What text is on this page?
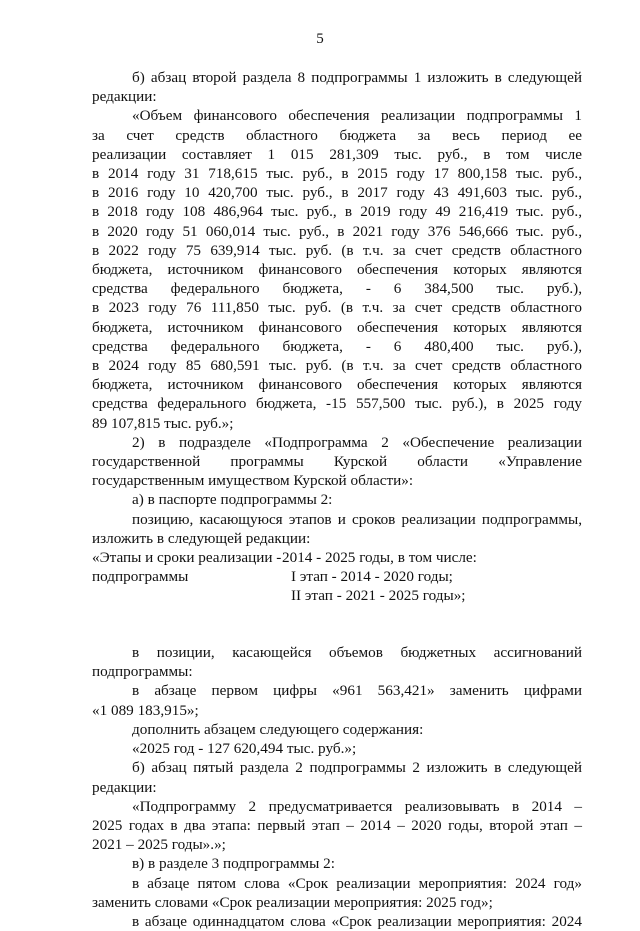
5
б) абзац второй раздела 8 подпрограммы 1 изложить в следующей
редакции:
«Объем финансового обеспечения реализации подпрограммы 1
за счет средств областного бюджета за весь период ее
реализации составляет 1 015 281,309 тыс. руб., в том числе
в 2014 году 31 718,615 тыс. руб., в 2015 году 17 800,158 тыс. руб.,
в 2016 году 10 420,700 тыс. руб., в 2017 году 43 491,603 тыс. руб.,
в 2018 году 108 486,964 тыс. руб., в 2019 году 49 216,419 тыс. руб.,
в 2020 году 51 060,014 тыс. руб., в 2021 году 376 546,666 тыс. руб.,
в 2022 году 75 639,914 тыс. руб. (в т.ч. за счет средств областного
бюджета, источником финансового обеспечения которых являются
средства федерального бюджета, - 6 384,500 тыс. руб.),
в 2023 году 76 111,850 тыс. руб. (в т.ч. за счет средств областного
бюджета, источником финансового обеспечения которых являются
средства федерального бюджета, - 6 480,400 тыс. руб.),
в 2024 году 85 680,591 тыс. руб. (в т.ч. за счет средств областного
бюджета, источником финансового обеспечения которых являются
средства федерального бюджета, -15 557,500 тыс. руб.), в 2025 году
89 107,815 тыс. руб.»;
2) в подразделе «Подпрограмма 2 «Обеспечение реализации
государственной программы Курской области «Управление
государственным имуществом Курской области»:
а) в паспорте подпрограммы 2:
позицию, касающуюся этапов и сроков реализации подпрограммы,
изложить в следующей редакции:
«Этапы и сроки реализации -
подпрограммы
2014 - 2025 годы, в том числе:
I этап - 2014 - 2020 годы;
II этап - 2021 - 2025 годы»;
в позиции, касающейся объемов бюджетных ассигнований
подпрограммы:
в абзаце первом цифры «961 563,421» заменить цифрами
«1 089 183,915»;
дополнить абзацем следующего содержания:
«2025 год - 127 620,494 тыс. руб.»;
б) абзац пятый раздела 2 подпрограммы 2 изложить в следующей
редакции:
«Подпрограмму 2 предусматривается реализовывать в 2014 –
2025 годах в два этапа: первый этап – 2014 – 2020 годы, второй этап –
2021 – 2025 годы».»;
в) в разделе 3 подпрограммы 2:
в абзаце пятом слова «Срок реализации мероприятия: 2024 год»
заменить словами «Срок реализации мероприятия: 2025 год»;
в абзаце одиннадцатом слова «Срок реализации мероприятия: 2024
